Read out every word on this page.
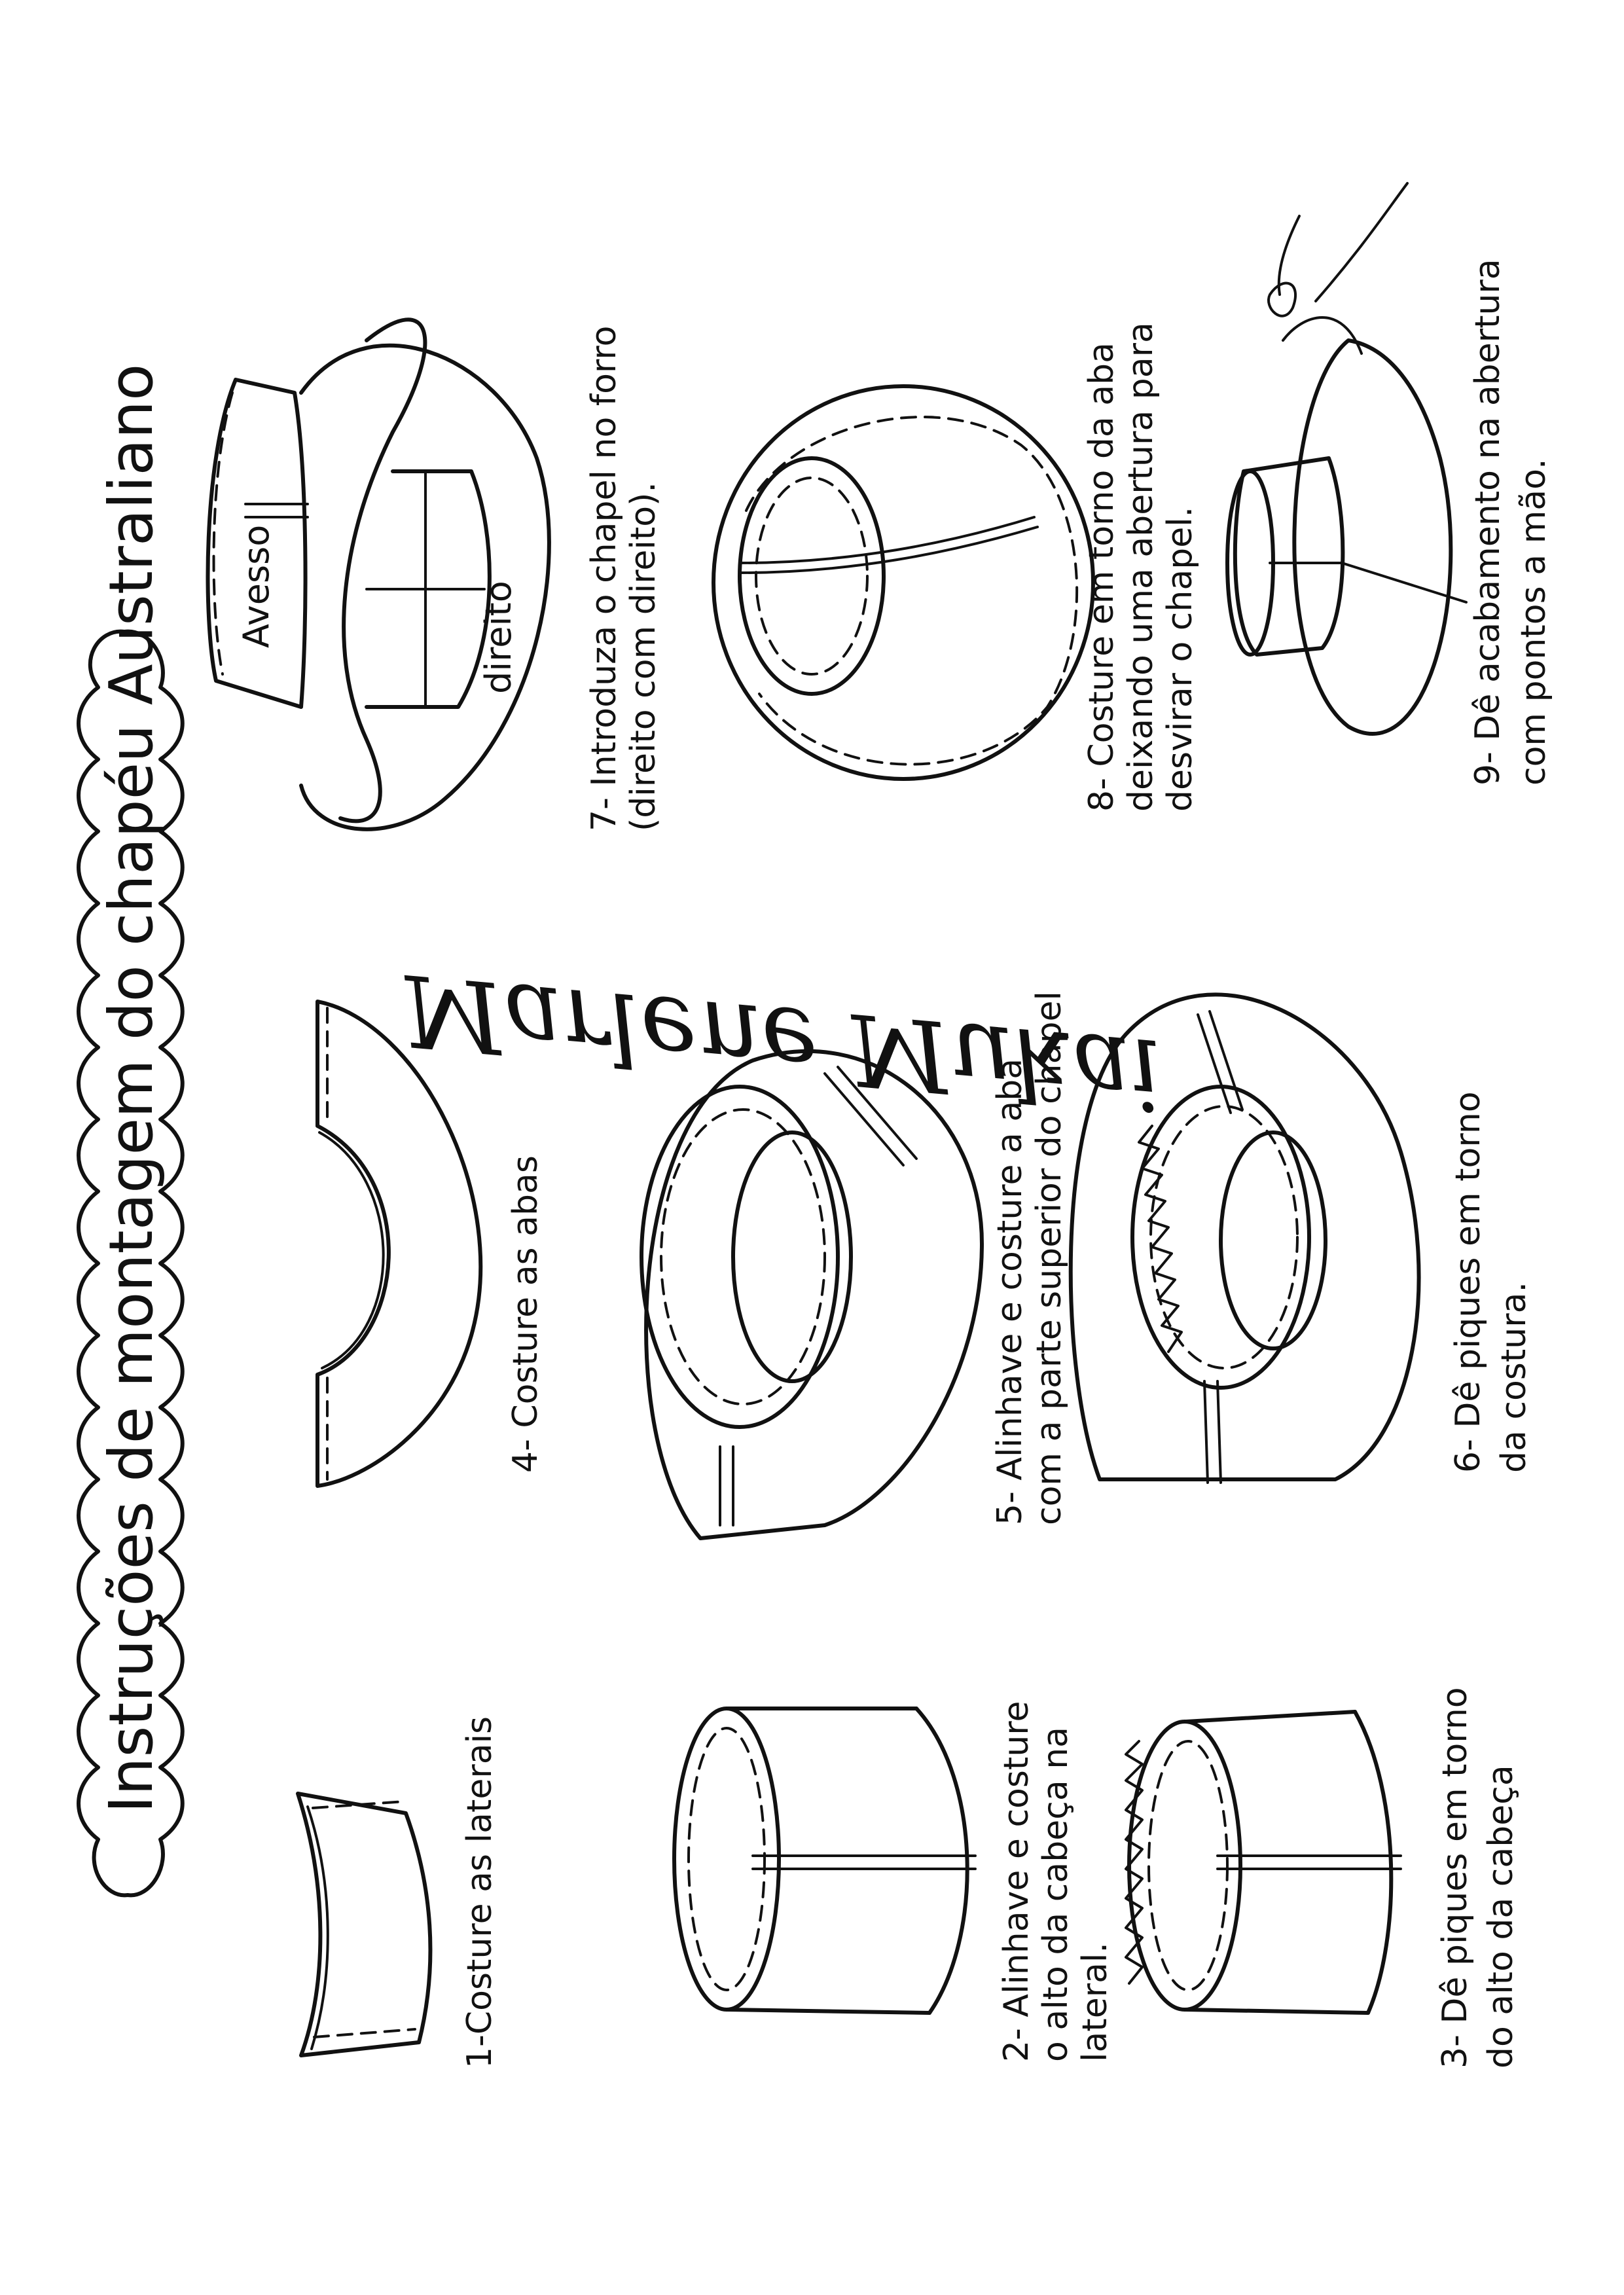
Instruções de montagem do chapéu Australiano
1-Costure as laterais	2- Alinhave e costure o alto da cabeça na lateral.	3- Dê piques em torno do alto da cabeça
4- Costure as abas	5- Alinhave e costure a aba com a parte superior do chapel	6- Dê piques em torno da costura.
Marlene Mukai
Avesso	direito 7- Introduza o chapel no forro (direito com direito).	8- Costure em torno da aba deixando uma abertura para desvirar o chapel.	9- Dê acabamento na abertura com pontos a mão.
